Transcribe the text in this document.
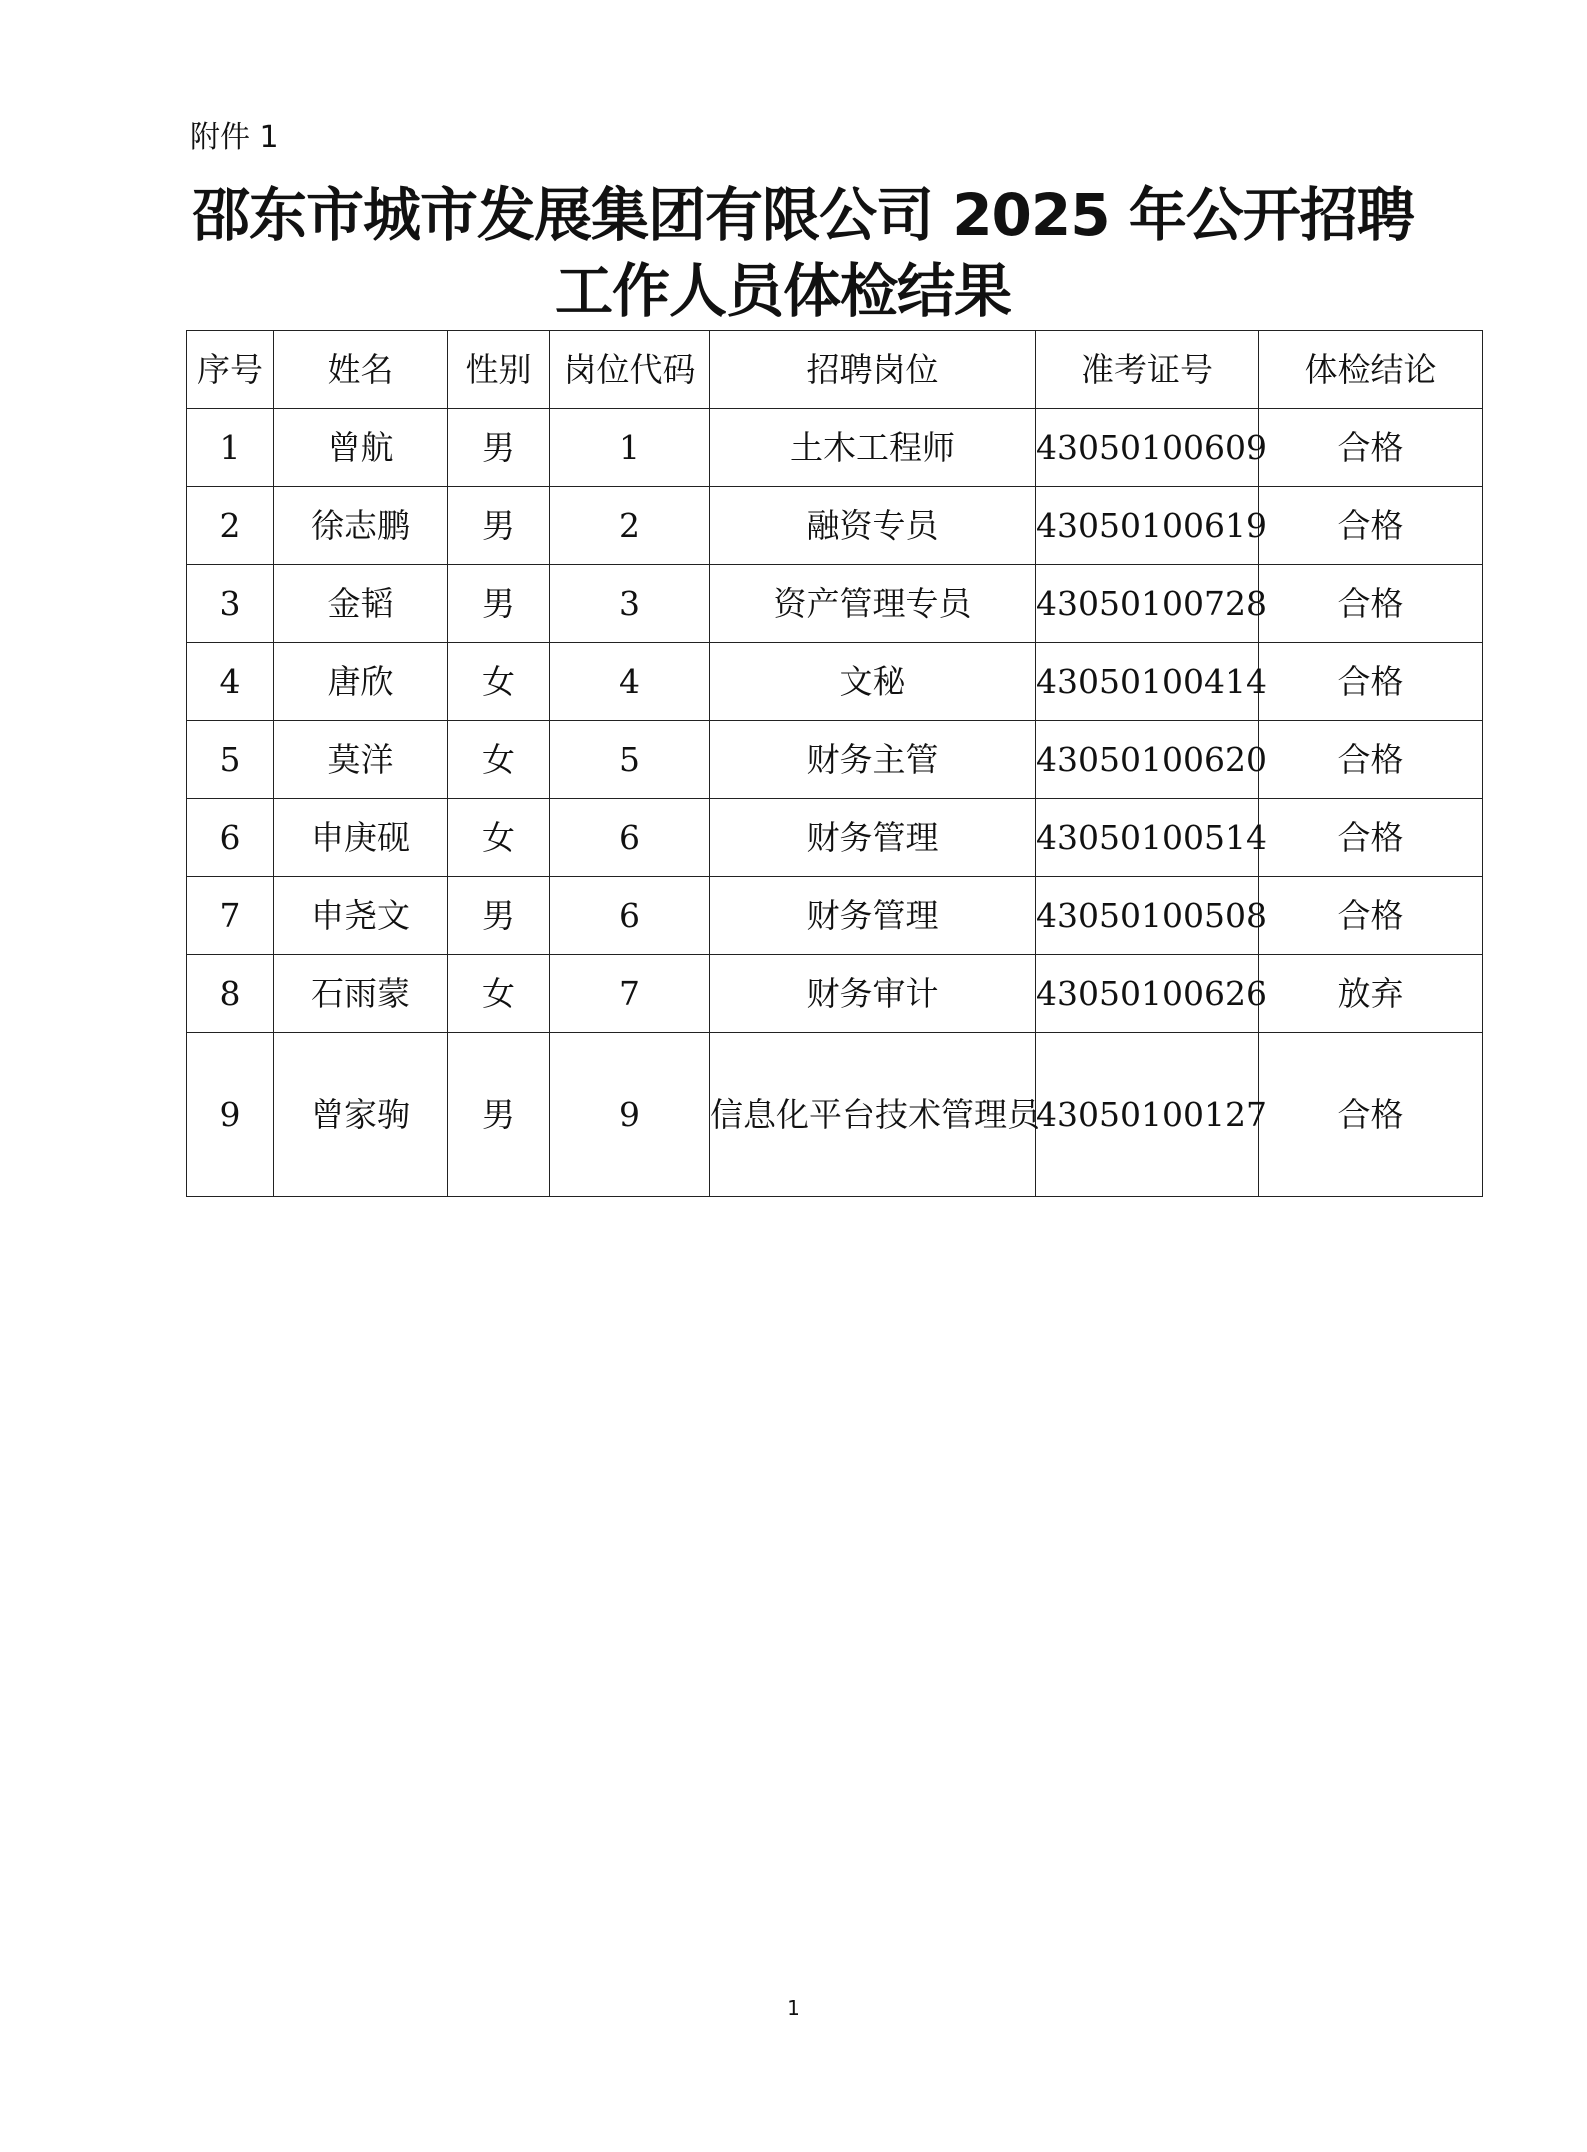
附件 1
邵东市城市发展集团有限公司 2025 年公开招聘
工作人员体检结果
序号	姓名	性别	岗位代码	招聘岗位	准考证号	体检结论
1	曾航	男	1	土木工程师	43050100609	合格
2	徐志鹏	男	2	融资专员	43050100619	合格
3	金韬	男	3	资产管理专员	43050100728	合格
4	唐欣	女	4	文秘	43050100414	合格
5	莫洋	女	5	财务主管	43050100620	合格
6	申庚砚	女	6	财务管理	43050100514	合格
7	申尧文	男	6	财务管理	43050100508	合格
8	石雨蒙	女	7	财务审计	43050100626	放弃
9	曾家驹	男	9	信息化平台技术管理员	43050100127	合格
1
